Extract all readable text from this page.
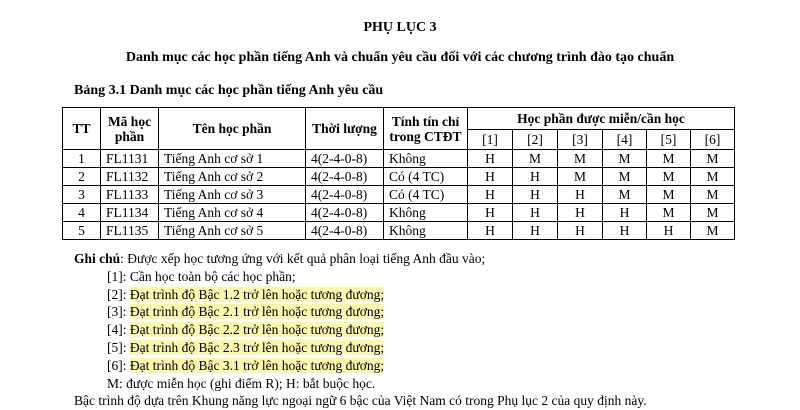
PHỤ LỤC 3
Danh mục các học phần tiếng Anh và chuẩn yêu cầu đối với các chương trình đào tạo chuẩn
Bảng 3.1 Danh mục các học phần tiếng Anh yêu cầu
TT	Mã học phần	Tên học phần	Thời lượng	Tính tín chỉ trong CTĐT	Học phần được miễn/cần học					
					[1]	[2]	[3]	[4]	[5]	[6]
1	FL1131	Tiếng Anh cơ sở 1	4(2-4-0-8)	Không	H	M	M	M	M	M
2	FL1132	Tiếng Anh cơ sở 2	4(2-4-0-8)	Có (4 TC)	H	H	M	M	M	M
3	FL1133	Tiếng Anh cơ sở 3	4(2-4-0-8)	Có (4 TC)	H	H	H	M	M	M
4	FL1134	Tiếng Anh cơ sở 4	4(2-4-0-8)	Không	H	H	H	H	M	M
5	FL1135	Tiếng Anh cơ sở 5	4(2-4-0-8)	Không	H	H	H	H	H	M
Ghi chú: Được xếp học tương ứng với kết quả phân loại tiếng Anh đầu vào;
[1]: Cần học toàn bộ các học phần;
[2]: Đạt trình độ Bậc 1.2 trở lên hoặc tương đương;
[3]: Đạt trình độ Bậc 2.1 trở lên hoặc tương đương;
[4]: Đạt trình độ Bậc 2.2 trở lên hoặc tương đương;
[5]: Đạt trình độ Bậc 2.3 trở lên hoặc tương đương;
[6]: Đạt trình độ Bậc 3.1 trở lên hoặc tương đương;
M: được miễn học (ghi điểm R); H: bắt buộc học.
Bậc trình độ dựa trên Khung năng lực ngoại ngữ 6 bậc của Việt Nam có trong Phụ lục 2 của quy định này.
